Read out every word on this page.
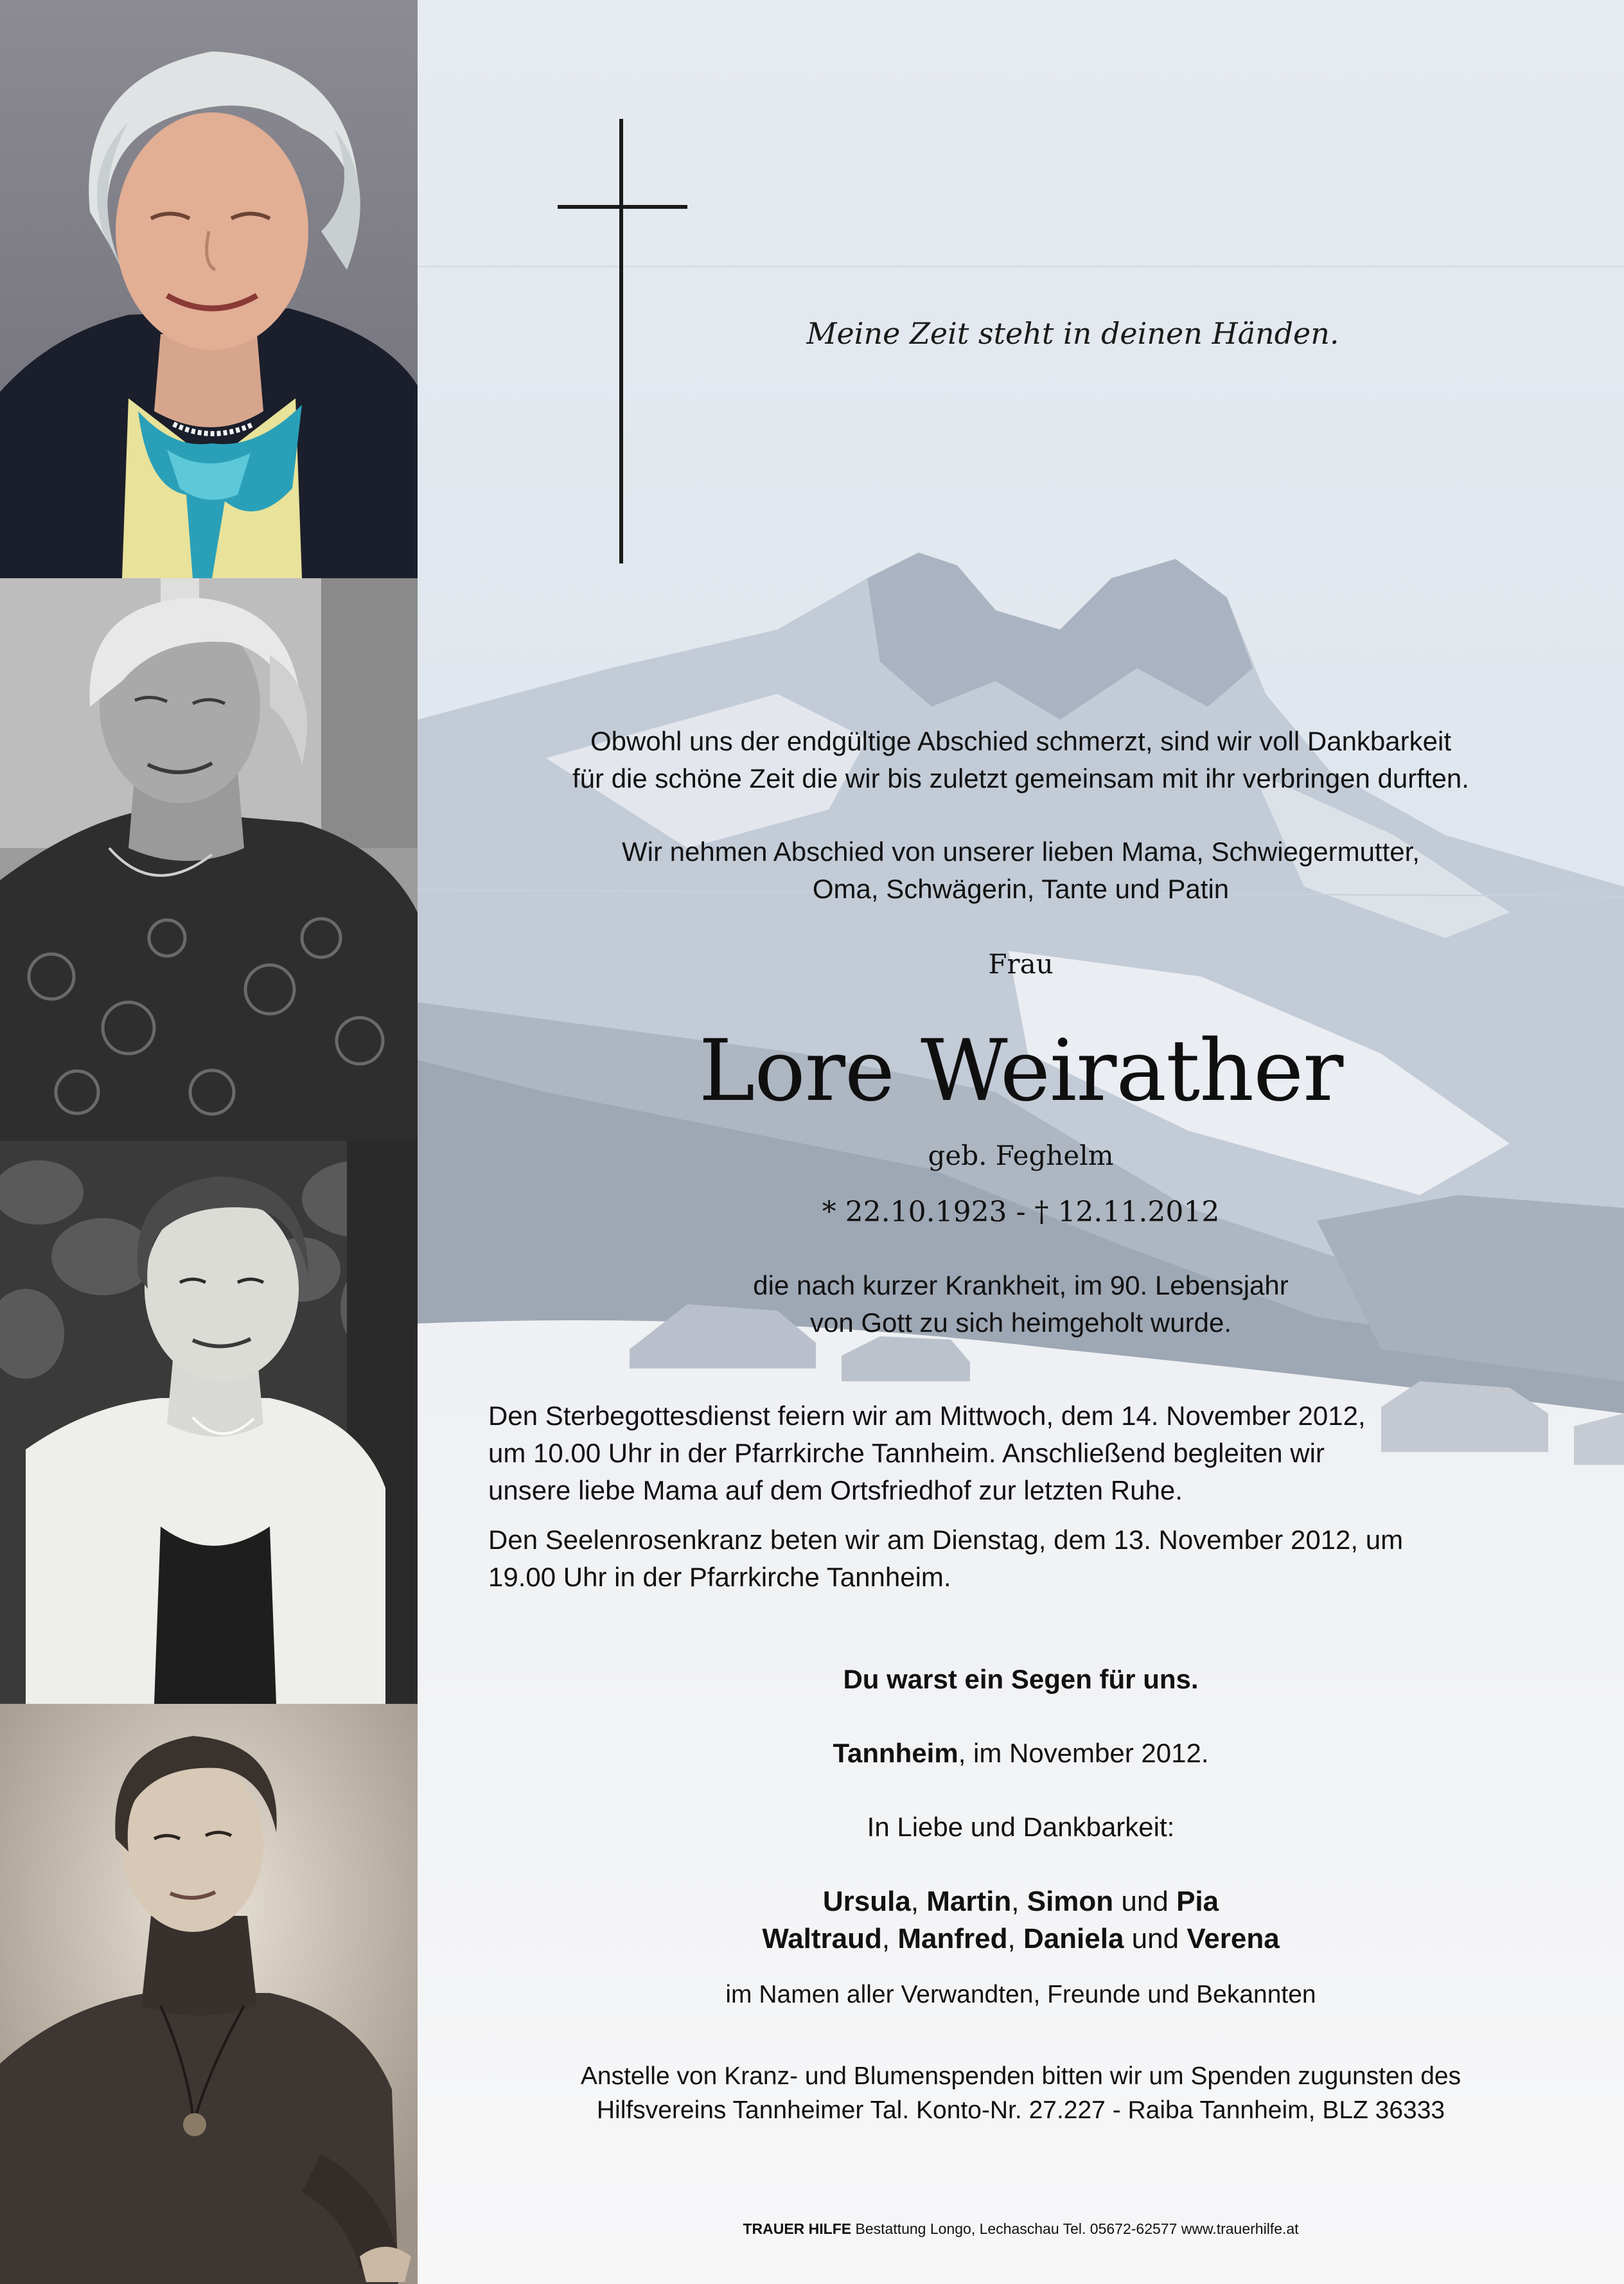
Meine Zeit steht in deinen Händen.

Obwohl uns der endgültige Abschied schmerzt, sind wir voll Dankbarkeit

für die schöne Zeit die wir bis zuletzt gemeinsam mit ihr verbringen durften.

Wir nehmen Abschied von unserer lieben Mama, Schwiegermutter,

Oma, Schwägerin, Tante und Patin

Frau

Lore Weirather

geb. Feghelm

* 22.10.1923 - † 12.11.2012

die nach kurzer Krankheit, im 90. Lebensjahr

von Gott zu sich heimgeholt wurde.

Den Sterbegottesdienst feiern wir am Mittwoch, dem 14. November 2012,

um 10.00 Uhr in der Pfarrkirche Tannheim. Anschließend begleiten wir

unsere liebe Mama auf dem Ortsfriedhof zur letzten Ruhe.

Den Seelenrosenkranz beten wir am Dienstag, dem 13. November 2012, um

19.00 Uhr in der Pfarrkirche Tannheim.

Du warst ein Segen für uns.

Tannheim, im November 2012.

In Liebe und Dankbarkeit:

Ursula, Martin, Simon und Pia

Waltraud, Manfred, Daniela und Verena

im Namen aller Verwandten, Freunde und Bekannten

Anstelle von Kranz- und Blumenspenden bitten wir um Spenden zugunsten des

Hilfsvereins Tannheimer Tal. Konto-Nr. 27.227 - Raiba Tannheim, BLZ 36333

TRAUER HILFE Bestattung Longo, Lechaschau Tel. 05672-62577 www.trauerhilfe.at
